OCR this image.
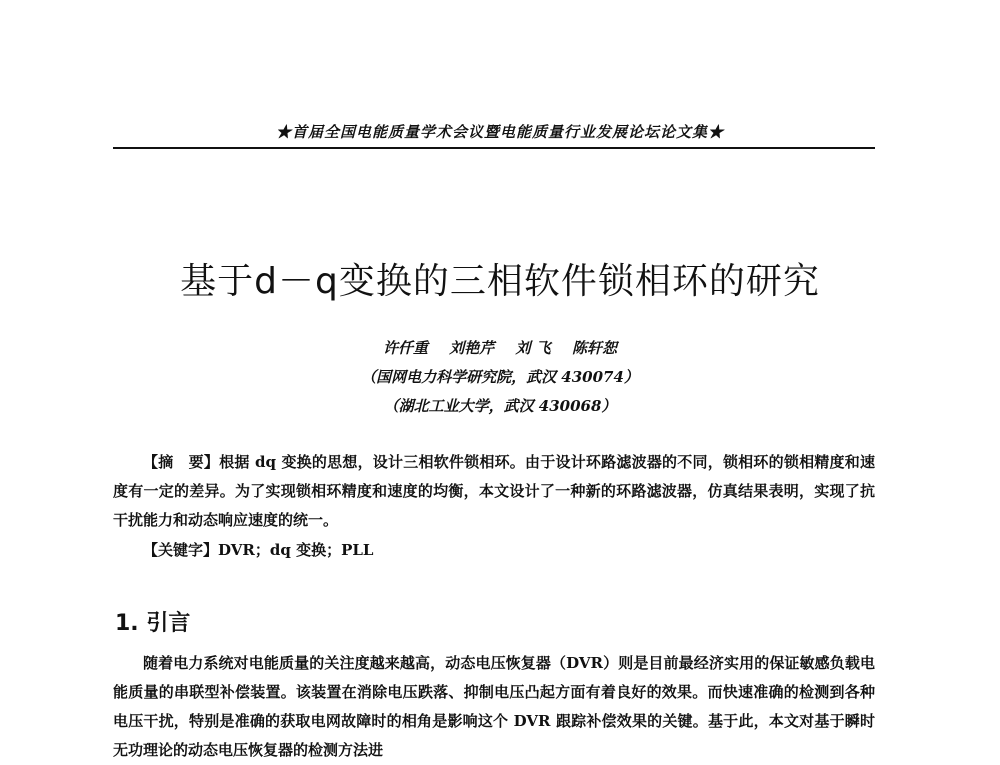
★首届全国电能质量学术会议暨电能质量行业发展论坛论文集★
基于d－q变换的三相软件锁相环的研究
许仟重 刘艳芹 刘 飞 陈轩恕
（国网电力科学研究院，武汉 430074）
（湖北工业大学，武汉 430068）
【摘　要】根据 dq 变换的思想，设计三相软件锁相环。由于设计环路滤波器的不同，锁相环的锁相精度和速度有一定的差异。为了实现锁相环精度和速度的均衡，本文设计了一种新的环路滤波器，仿真结果表明，实现了抗干扰能力和动态响应速度的统一。
【关键字】DVR；dq 变换；PLL
1. 引言
随着电力系统对电能质量的关注度越来越高，动态电压恢复器（DVR）则是目前最经济实用的保证敏感负载电能质量的串联型补偿装置。该装置在消除电压跌落、抑制电压凸起方面有着良好的效果。而快速准确的检测到各种电压干扰，特别是准确的获取电网故障时的相角是影响这个 DVR 跟踪补偿效果的关键。基于此，本文对基于瞬时无功理论的动态电压恢复器的检测方法进
